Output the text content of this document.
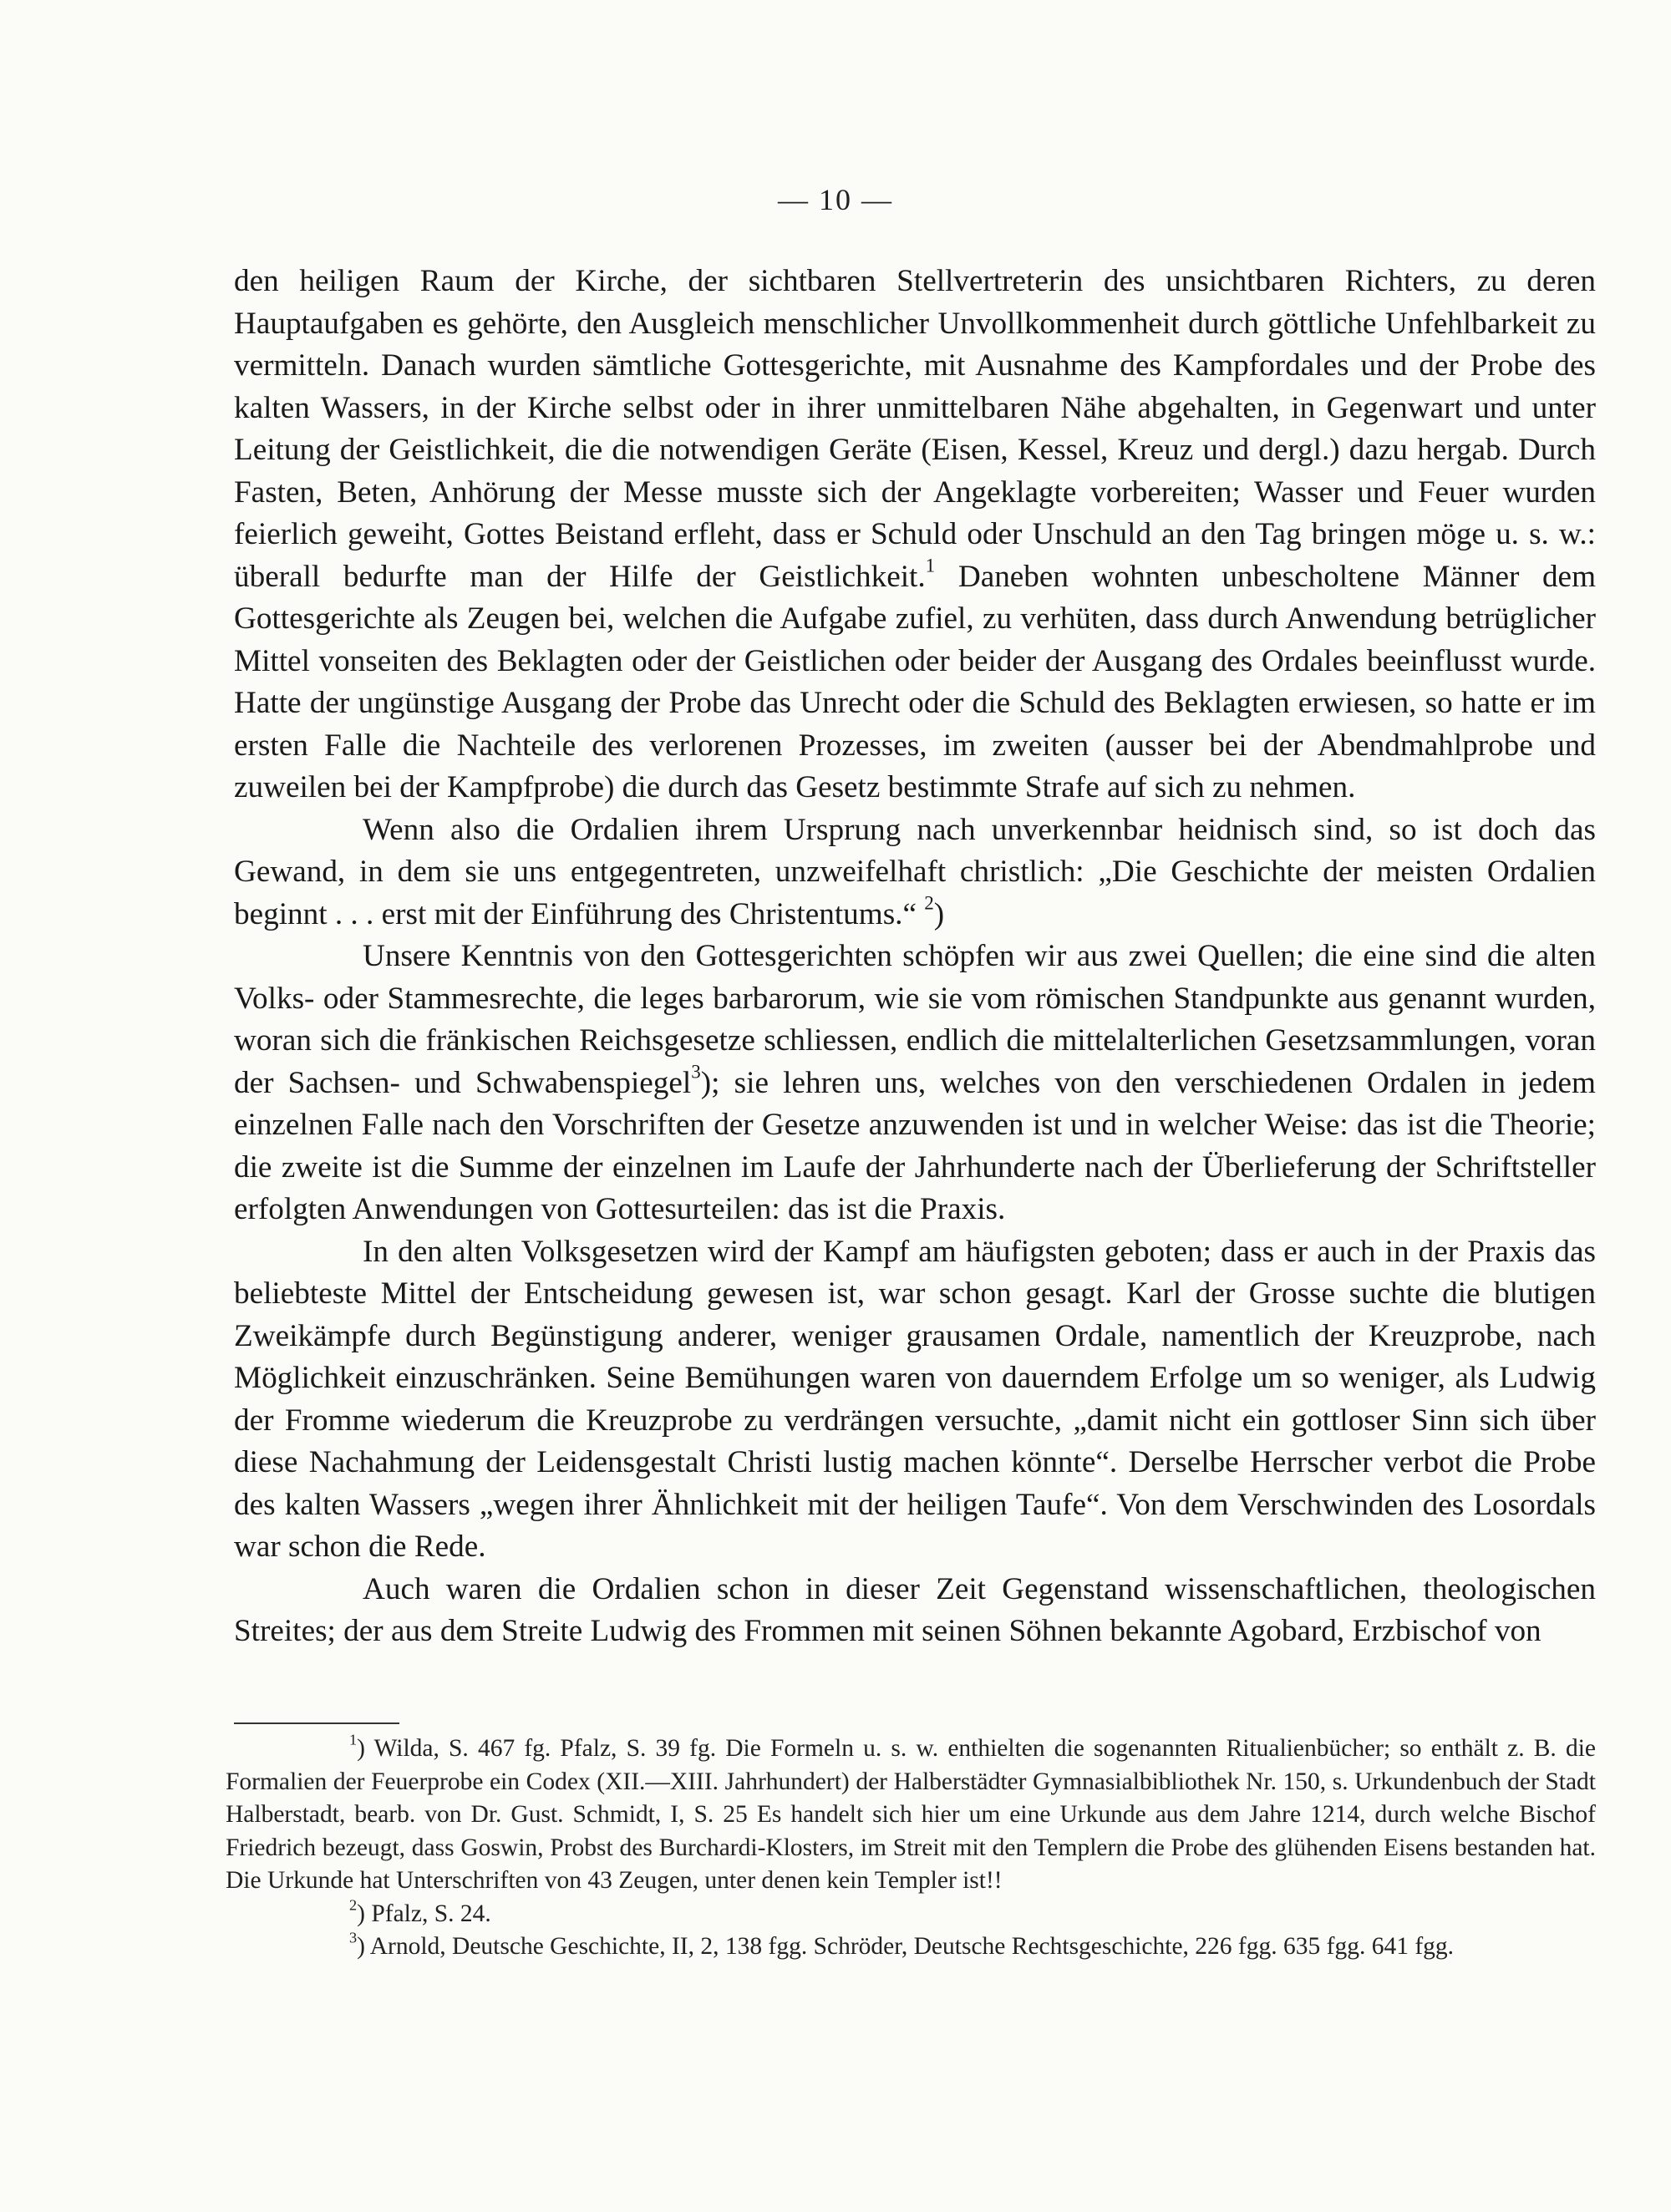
— 10 —

den heiligen Raum der Kirche, der sichtbaren Stellvertreterin des unsichtbaren Richters, zu deren Hauptaufgaben es gehörte, den Ausgleich menschlicher Unvollkommenheit durch göttliche Unfehlbarkeit zu vermitteln. Danach wurden sämtliche Gottesgerichte, mit Ausnahme des Kampfordales und der Probe des kalten Wassers, in der Kirche selbst oder in ihrer unmittelbaren Nähe abgehalten, in Gegenwart und unter Leitung der Geistlichkeit, die die notwendigen Geräte (Eisen, Kessel, Kreuz und dergl.) dazu hergab. Durch Fasten, Beten, Anhörung der Messe musste sich der Angeklagte vorbereiten; Wasser und Feuer wurden feierlich geweiht, Gottes Beistand erfleht, dass er Schuld oder Unschuld an den Tag bringen möge u. s. w.: überall bedurfte man der Hilfe der Geistlichkeit.$^1$ Daneben wohnten unbescholtene Männer dem Gottesgerichte als Zeugen bei, welchen die Aufgabe zufiel, zu verhüten, dass durch Anwendung betrüglicher Mittel vonseiten des Beklagten oder der Geistlichen oder beider der Ausgang des Ordales beeinflusst wurde. Hatte der ungünstige Ausgang der Probe das Unrecht oder die Schuld des Beklagten erwiesen, so hatte er im ersten Falle die Nachteile des verlorenen Prozesses, im zweiten (ausser bei der Abendmahlprobe und zuweilen bei der Kampfprobe) die durch das Gesetz bestimmte Strafe auf sich zu nehmen.

Wenn also die Ordalien ihrem Ursprung nach unverkennbar heidnisch sind, so ist doch das Gewand, in dem sie uns entgegentreten, unzweifelhaft christlich: „Die Geschichte der meisten Ordalien beginnt . . . erst mit der Einführung des Christentums.“ $^2$)

Unsere Kenntnis von den Gottesgerichten schöpfen wir aus zwei Quellen; die eine sind die alten Volks- oder Stammesrechte, die leges barbarorum, wie sie vom römischen Standpunkte aus genannt wurden, woran sich die fränkischen Reichsgesetze schliessen, endlich die mittelalterlichen Gesetzsammlungen, voran der Sachsen- und Schwabenspiegel$^3$); sie lehren uns, welches von den verschiedenen Ordalen in jedem einzelnen Falle nach den Vorschriften der Gesetze anzuwenden ist und in welcher Weise: das ist die Theorie; die zweite ist die Summe der einzelnen im Laufe der Jahrhunderte nach der Überlieferung der Schriftsteller erfolgten Anwendungen von Gottesurteilen: das ist die Praxis.

In den alten Volksgesetzen wird der Kampf am häufigsten geboten; dass er auch in der Praxis das beliebteste Mittel der Entscheidung gewesen ist, war schon gesagt. Karl der Grosse suchte die blutigen Zweikämpfe durch Begünstigung anderer, weniger grausamen Ordale, namentlich der Kreuzprobe, nach Möglichkeit einzuschränken. Seine Bemühungen waren von dauerndem Erfolge um so weniger, als Ludwig der Fromme wiederum die Kreuzprobe zu verdrängen versuchte, „damit nicht ein gottloser Sinn sich über diese Nachahmung der Leidensgestalt Christi lustig machen könnte“. Derselbe Herrscher verbot die Probe des kalten Wassers „wegen ihrer Ähnlichkeit mit der heiligen Taufe“. Von dem Verschwinden des Losordals war schon die Rede.

Auch waren die Ordalien schon in dieser Zeit Gegenstand wissenschaftlichen, theologischen Streites; der aus dem Streite Ludwig des Frommen mit seinen Söhnen bekannte Agobard, Erzbischof von

$^1$) Wilda, S. 467 fg. Pfalz, S. 39 fg. Die Formeln u. s. w. enthielten die sogenannten Ritualienbücher; so enthält z. B. die Formalien der Feuerprobe ein Codex (XII.—XIII. Jahrhundert) der Halberstädter Gymnasialbibliothek Nr. 150, s. Urkundenbuch der Stadt Halberstadt, bearb. von Dr. Gust. Schmidt, I, S. 25 Es handelt sich hier um eine Urkunde aus dem Jahre 1214, durch welche Bischof Friedrich bezeugt, dass Goswin, Probst des Burchardi-Klosters, im Streit mit den Templern die Probe des glühenden Eisens bestanden hat. Die Urkunde hat Unterschriften von 43 Zeugen, unter denen kein Templer ist!!

$^2$) Pfalz, S. 24.

$^3$) Arnold, Deutsche Geschichte, II, 2, 138 fgg. Schröder, Deutsche Rechtsgeschichte, 226 fgg. 635 fgg. 641 fgg.
